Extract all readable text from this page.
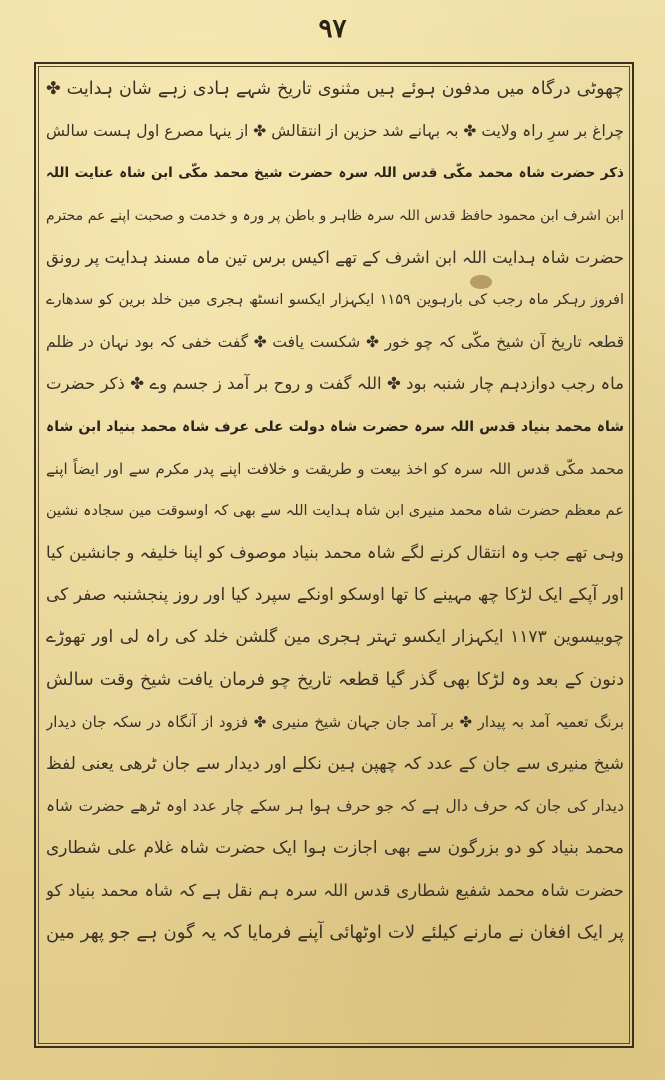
۹۷
چھوٹی درگاہ میں مدفون ہوئے ہیں مثنوی تاریخ شہے ہادی زہے شان ہدایت ✤
چراغ بر سرِ راہ ولایت ✤ بہ بہانے شد حزین از انتقالش ✤ از ینہا مصرع اول ہست سالش
ذکر حضرت شاہ محمد مکّی قدس اللہ سرہ حضرت شیخ محمد مکّی ابن شاہ عنایت اللہ
ابن اشرف ابن محمود حافظ قدس اللہ سرہ ظاہر و باطن پر ورہ و خدمت و صحبت اپنے عم محترم
حضرت شاہ ہدایت اللہ ابن اشرف کے تھے اکیس برس تین ماہ مسند ہدایت پر رونق
افروز رہکر ماہ رجب کی بارہوین ۱۱۵۹ ایکہزار ایکسو انسٹھ ہجری مین خلد برین کو سدھارے
قطعہ تاریخ آن شیخ مکّی کہ چو خور ✤ شکست یافت ✤ گفت خفی کہ بود نہان در ظلم
ماہ رجب دوازدہم چار شنبہ بود ✤ اللہ گفت و روح بر آمد ز جسم وے ✤ ذکر حضرت
شاہ محمد بنیاد قدس اللہ سرہ حضرت شاہ دولت علی عرف شاہ محمد بنیاد ابن شاہ
محمد مکّی قدس اللہ سرہ کو اخذ بیعت و طریقت و خلافت اپنے پدر مکرم سے اور ایضاً اپنے
عم معظم حضرت شاہ محمد منیری ابن شاہ ہدایت اللہ سے بھی کہ اوسوقت مین سجادہ نشین
وہی تھے جب وہ انتقال کرنے لگے شاہ محمد بنیاد موصوف کو اپنا خلیفہ و جانشین کیا
اور آپکے ایک لڑکا چھ مہینے کا تھا اوسکو اونکے سپرد کیا اور روز پنجشنبہ صفر کی
چوبیسوین ۱۱۷۳ ایکہزار ایکسو تہتر ہجری مین گلشن خلد کی راہ لی اور تھوڑے
دنون کے بعد وہ لڑکا بھی گذر گیا قطعہ تاریخ چو فرمان یافت شیخ وقت سالش
برنگ تعمیہ آمد بہ پیدار ✤ بر آمد جان جہان شیخ منیری ✤ فزود از آنگاہ در سکہ جان دیدار
شیخ منیری سے جان کے عدد کہ چھپن ہین نکلے اور دیدار سے جان ٹرھی یعنی لفظ
دیدار کی جان کہ حرف دال ہے کہ جو حرف ہوا ہر سکے چار عدد اوہ ٹرھے حضرت شاہ
محمد بنیاد کو دو بزرگون سے بھی اجازت ہوا ایک حضرت شاہ غلام علی شطاری
حضرت شاہ محمد شفیع شطاری قدس اللہ سرہ ہم نقل ہے کہ شاہ محمد بنیاد کو
پر ایک افغان نے مارنے کیلئے لات اوٹھائی آپنے فرمایا کہ یہ گون ہے جو پھر مین
